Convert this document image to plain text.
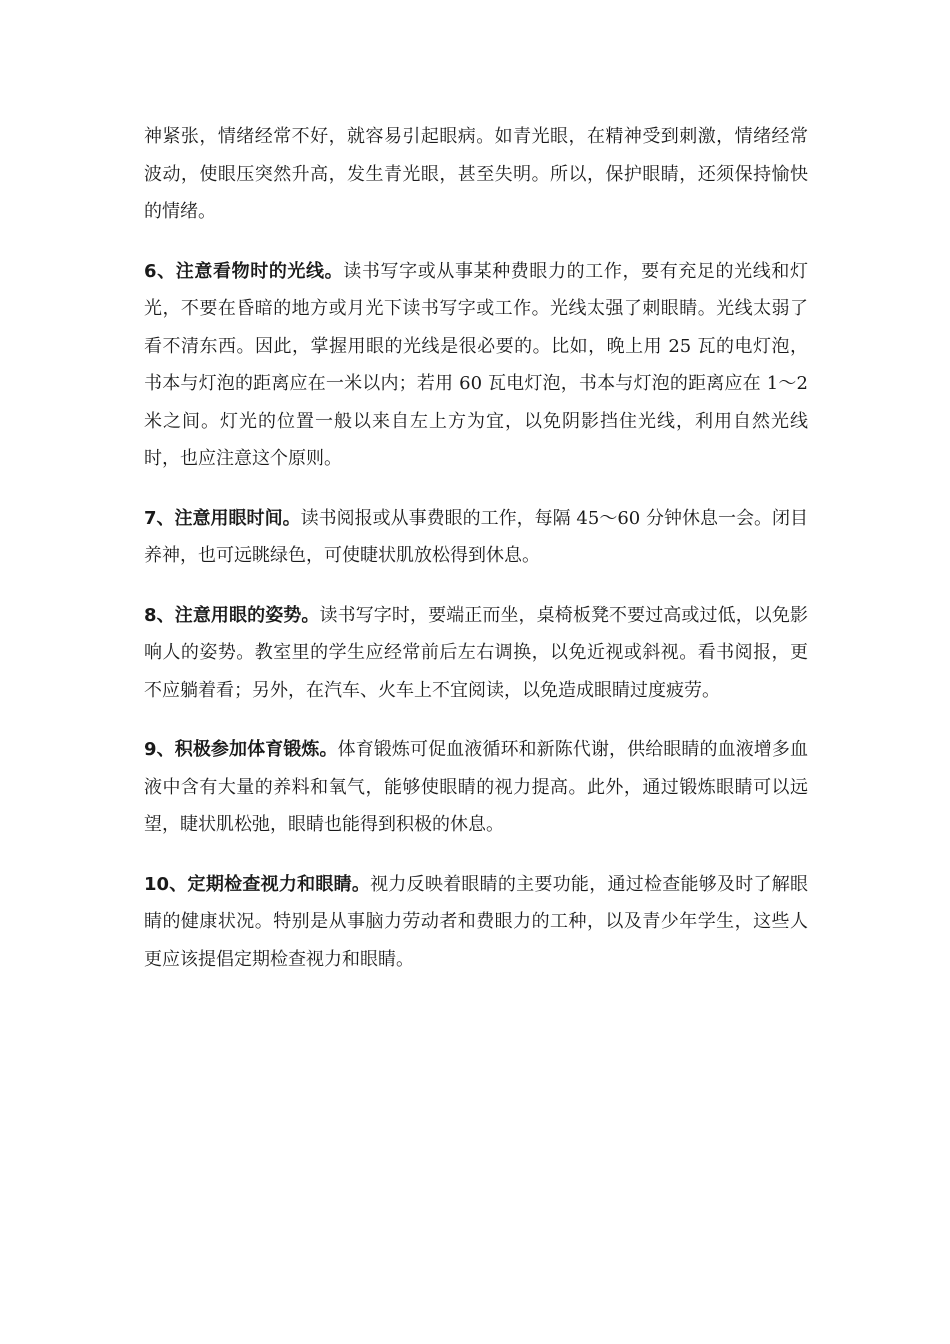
神紧张，情绪经常不好，就容易引起眼病。如青光眼，在精神受到刺激，情绪经常波动，使眼压突然升高，发生青光眼，甚至失明。所以，保护眼睛，还须保持愉快的情绪。

6、注意看物时的光线。读书写字或从事某种费眼力的工作，要有充足的光线和灯光，不要在昏暗的地方或月光下读书写字或工作。光线太强了刺眼睛。光线太弱了看不清东西。因此，掌握用眼的光线是很必要的。比如，晚上用 25 瓦的电灯泡，书本与灯泡的距离应在一米以内；若用 60 瓦电灯泡，书本与灯泡的距离应在 1～2 米之间。灯光的位置一般以来自左上方为宜，以免阴影挡住光线，利用自然光线时，也应注意这个原则。

7、注意用眼时间。读书阅报或从事费眼的工作，每隔 45～60 分钟休息一会。闭目养神，也可远眺绿色，可使睫状肌放松得到休息。

8、注意用眼的姿势。读书写字时，要端正而坐，桌椅板凳不要过高或过低，以免影响人的姿势。教室里的学生应经常前后左右调换，以免近视或斜视。看书阅报，更不应躺着看；另外，在汽车、火车上不宜阅读，以免造成眼睛过度疲劳。

9、积极参加体育锻炼。体育锻炼可促血液循环和新陈代谢，供给眼睛的血液增多血液中含有大量的养料和氧气，能够使眼睛的视力提高。此外，通过锻炼眼睛可以远望，睫状肌松弛，眼睛也能得到积极的休息。

10、定期检查视力和眼睛。视力反映着眼睛的主要功能，通过检查能够及时了解眼睛的健康状况。特别是从事脑力劳动者和费眼力的工种，以及青少年学生，这些人更应该提倡定期检查视力和眼睛。
